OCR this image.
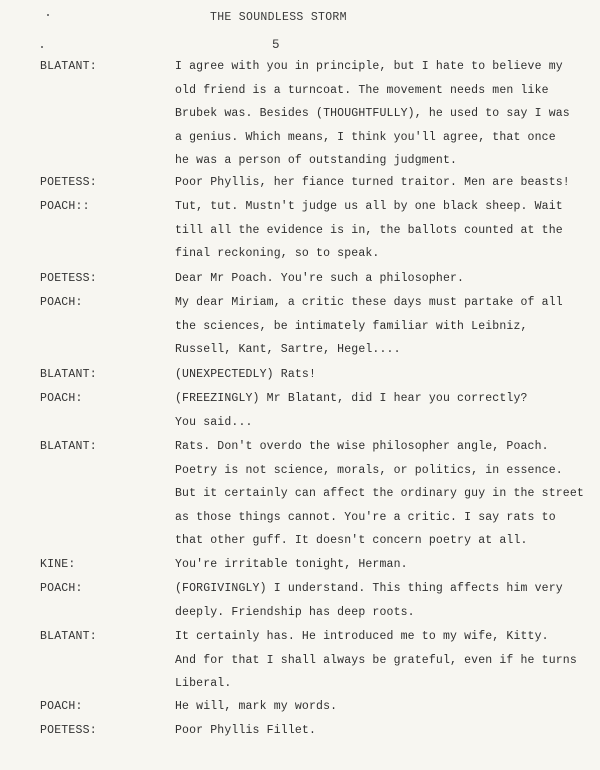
THE SOUNDLESS STORM
5
BLATANT:	I agree with you in principle, but I hate to believe my
old friend is a turncoat. The movement needs men like
Brubek was. Besides (THOUGHTFULLY), he used to say I was
a genius. Which means, I think you'll agree, that once
he was a person of outstanding judgment.
POETESS:	Poor Phyllis, her fiance turned traitor. Men are beasts!
POACH::	Tut, tut. Mustn't judge us all by one black sheep. Wait
till all the evidence is in, the ballots counted at the
final reckoning, so to speak.
POETESS:	Dear Mr Poach. You're such a philosopher.
POACH:	My dear Miriam, a critic these days must partake of all
the sciences, be intimately familiar with Leibniz,
Russell, Kant, Sartre, Hegel....
BLATANT:	(UNEXPECTEDLY) Rats!
POACH:	(FREEZINGLY) Mr Blatant, did I hear you correctly?
You said...
BLATANT:	Rats. Don't overdo the wise philosopher angle, Poach.
Poetry is not science, morals, or politics, in essence.
But it certainly can affect the ordinary guy in the street
as those things cannot. You're a critic. I say rats to
that other guff. It doesn't concern poetry at all.
KINE:	You're irritable tonight, Herman.
POACH:	(FORGIVINGLY) I understand. This thing affects him very
deeply. Friendship has deep roots.
BLATANT:	It certainly has. He introduced me to my wife, Kitty.
And for that I shall always be grateful, even if he turns
Liberal.
POACH:	He will, mark my words.
POETESS:	Poor Phyllis Fillet.
